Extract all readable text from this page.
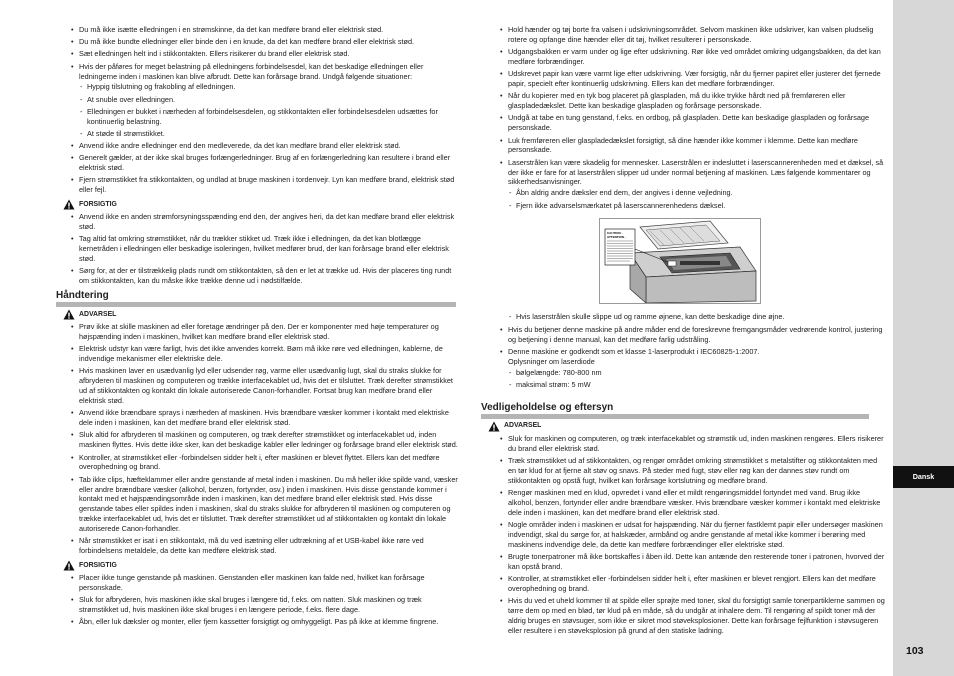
Dansk
103
• Du må ikke isætte elledningen i en strømskinne, da det kan medføre brand eller elektrisk stød.
• Du må ikke bundte elledninger eller binde den i en knude, da det kan medføre brand eller elektrisk stød.
• Sæt elledningen helt ind i stikkontakten. Ellers risikerer du brand eller elektrisk stød.
• Hvis der påføres for meget belastning på elledningens forbindelsesdel, kan det beskadige elledningen eller ledningerne inden i maskinen kan blive afbrudt. Dette kan forårsage brand. Undgå følgende situationer:
- Hyppig tilslutning og frakobling af elledningen.
- At snuble over elledningen.
- Elledningen er bukket i nærheden af forbindelsesdelen, og stikkontakten eller forbindelsesdelen udsættes for kontinuerlig belastning.
- At støde til strømstikket.
• Anvend ikke andre elledninger end den medleverede, da det kan medføre brand eller elektrisk stød.
• Generelt gælder, at der ikke skal bruges forlængerledninger. Brug af en forlængerledning kan resultere i brand eller elektrisk stød.
• Fjern strømstikket fra stikkontakten, og undlad at bruge maskinen i tordenvejr. Lyn kan medføre brand, elektrisk stød eller fejl.
FORSIGTIG
• Anvend ikke en anden strømforsyningsspænding end den, der angives heri, da det kan medføre brand eller elektrisk stød.
• Tag altid fat omkring strømstikket, når du trækker stikket ud. Træk ikke i elledningen, da det kan blotlægge kernetråden i elledningen eller beskadige isoleringen, hvilket medfører brud, der kan forårsage brand eller elektrisk stød.
• Sørg for, at der er tilstrækkelig plads rundt om stikkontakten, så den er let at trække ud. Hvis der placeres ting rundt om stikkontakten, kan du måske ikke trække denne ud i nødstilfælde.
Håndtering
ADVARSEL
• Prøv ikke at skille maskinen ad eller foretage ændringer på den. Der er komponenter med høje temperaturer og højspænding inden i maskinen, hvilket kan medføre brand eller elektrisk stød.
• Elektrisk udstyr kan være farligt, hvis det ikke anvendes korrekt. Børn må ikke røre ved elledningen, kablerne, de indvendige mekanismer eller elektriske dele.
• Hvis maskinen laver en usædvanlig lyd eller udsender røg, varme eller usædvanlig lugt, skal du straks slukke for afbryderen til maskinen og computeren og trække interfacekablet ud, hvis det er tilsluttet. Træk derefter strømstikket ud af stikkontakten og kontakt din lokale autoriserede Canon-forhandler. Fortsat brug kan medføre brand eller elektrisk stød.
• Anvend ikke brændbare sprays i nærheden af maskinen. Hvis brændbare væsker kommer i kontakt med elektriske dele inden i maskinen, kan det medføre brand eller elektrisk stød.
• Sluk altid for afbryderen til maskinen og computeren, og træk derefter strømstikket og interfacekablet ud, inden maskinen flyttes. Hvis dette ikke sker, kan det beskadige kabler eller ledninger og forårsage brand eller elektrisk stød.
• Kontroller, at strømstikket eller -forbindelsen sidder helt i, efter maskinen er blevet flyttet. Ellers kan det medføre overophedning og brand.
• Tab ikke clips, hæfteklammer eller andre genstande af metal inden i maskinen. Du må heller ikke spilde vand, væsker eller andre brændbare væsker (alkohol, benzen, fortynder, osv.) inden i maskinen. Hvis disse genstande kommer i kontakt med et højspændingsområde inden i maskinen, kan det medføre brand eller elektrisk stød. Hvis disse genstande tabes eller spildes inden i maskinen, skal du straks slukke for afbryderen til maskinen og computeren og trække interfacekablet ud, hvis det er tilsluttet. Træk derefter strømstikket ud af stikkontakten og kontakt din lokale autoriserede Canon-forhandler.
• Når strømstikket er isat i en stikkontakt, må du ved isætning eller udtrækning af et USB-kabel ikke røre ved forbindelsens metaldele, da dette kan medføre elektrisk stød.
FORSIGTIG
• Placer ikke tunge genstande på maskinen. Genstanden eller maskinen kan falde ned, hvilket kan forårsage personskade.
• Sluk for afbryderen, hvis maskinen ikke skal bruges i længere tid, f.eks. om natten. Sluk maskinen og træk strømstikket ud, hvis maskinen ikke skal bruges i en længere periode, f.eks. flere dage.
• Åbn, eller luk dæksler og monter, eller fjern kassetter forsigtigt og omhyggeligt. Pas på ikke at klemme fingrene.
• Hold hænder og tøj borte fra valsen i udskrivningsområdet. Selvom maskinen ikke udskriver, kan valsen pludselig rotere og opfange dine hænder eller dit tøj, hvilket resulterer i personskade.
• Udgangsbakken er varm under og lige efter udskrivning. Rør ikke ved området omkring udgangsbakken, da det kan medføre forbrændinger.
• Udskrevet papir kan være varmt lige efter udskrivning. Vær forsigtig, når du fjerner papiret eller justerer det fjernede papir, specielt efter kontinuerlig udskrivning. Ellers kan det medføre forbrændinger.
• Når du kopierer med en tyk bog placeret på glaspladen, må du ikke trykke hårdt ned på fremføreren eller glaspladedækslet. Dette kan beskadige glaspladen og forårsage personskade.
• Undgå at tabe en tung genstand, f.eks. en ordbog, på glaspladen. Dette kan beskadige glaspladen og forårsage personskade.
• Luk fremføreren eller glaspladedækslet forsigtigt, så dine hænder ikke kommer i klemme. Dette kan medføre personskade.
• Laserstrålen kan være skadelig for mennesker. Laserstrålen er indesluttet i laserscannerenheden med et dæksel, så der ikke er fare for at laserstrålen slipper ud under normal betjening af maskinen. Læs følgende kommentarer og sikkerhedsanvisninger.
- Åbn aldrig andre dæksler end dem, der angives i denne vejledning.
- Fjern ikke advarselsmærkatet på laserscannerenhedens dæksel.
CAUTION -
ATTENTION -
- Hvis laserstrålen skulle slippe ud og ramme øjnene, kan dette beskadige dine øjne.
• Hvis du betjener denne maskine på andre måder end de foreskrevne fremgangsmåder vedrørende kontrol, justering og betjening i denne manual, kan det medføre farlig udstråling.
• Denne maskine er godkendt som et klasse 1-laserprodukt i IEC60825-1:2007.
Oplysninger om laserdiode
- bølgelængde: 780-800 nm
- maksimal strøm: 5 mW
Vedligeholdelse og eftersyn
ADVARSEL
• Sluk for maskinen og computeren, og træk interfacekablet og strømstik ud, inden maskinen rengøres. Ellers risikerer du brand eller elektrisk stød.
• Træk strømstikket ud af stikkontakten, og rengør området omkring strømstikket s metalstifter og stikkontakten med en tør klud for at fjerne alt støv og snavs. På steder med fugt, støv eller røg kan der dannes støv rundt om stikkontakten og opstå fugt, hvilket kan forårsage kortslutning og medføre brand.
• Rengør maskinen med en klud, opvredet i vand eller et mildt rengøringsmiddel fortyndet med vand. Brug ikke alkohol, benzen, fortynder eller andre brændbare væsker. Hvis brændbare væsker kommer i kontakt med elektriske dele inden i maskinen, kan det medføre brand eller elektrisk stød.
• Nogle områder inden i maskinen er udsat for højspænding. När du fjerner fastklemt papir eller undersøger maskinen indvendigt, skal du sørge for, at halskæder, armbånd og andre genstande af metal ikke kommer i berøring med maskinens indvendige dele, da dette kan medføre forbrændinger eller elektriske stød.
• Brugte tonerpatroner må ikke bortskaffes i åben ild. Dette kan antænde den resterende toner i patronen, hvorved der kan opstå brand.
• Kontroller, at strømstikket eller -forbindelsen sidder helt i, efter maskinen er blevet rengjort. Ellers kan det medføre overophedning og brand.
• Hvis du ved et uheld kommer til at spilde eller sprøjte med toner, skal du forsigtigt samle tonerpartiklerne sammen og tørre dem op med en blød, tør klud på en måde, så du undgår at inhalere dem. Til rengøring af spildt toner må der aldrig bruges en støvsuger, som ikke er sikret mod støveksplosioner. Dette kan forårsage fejlfunktion i støvsugeren eller resultere i en støveksplosion på grund af den statiske ladning.
